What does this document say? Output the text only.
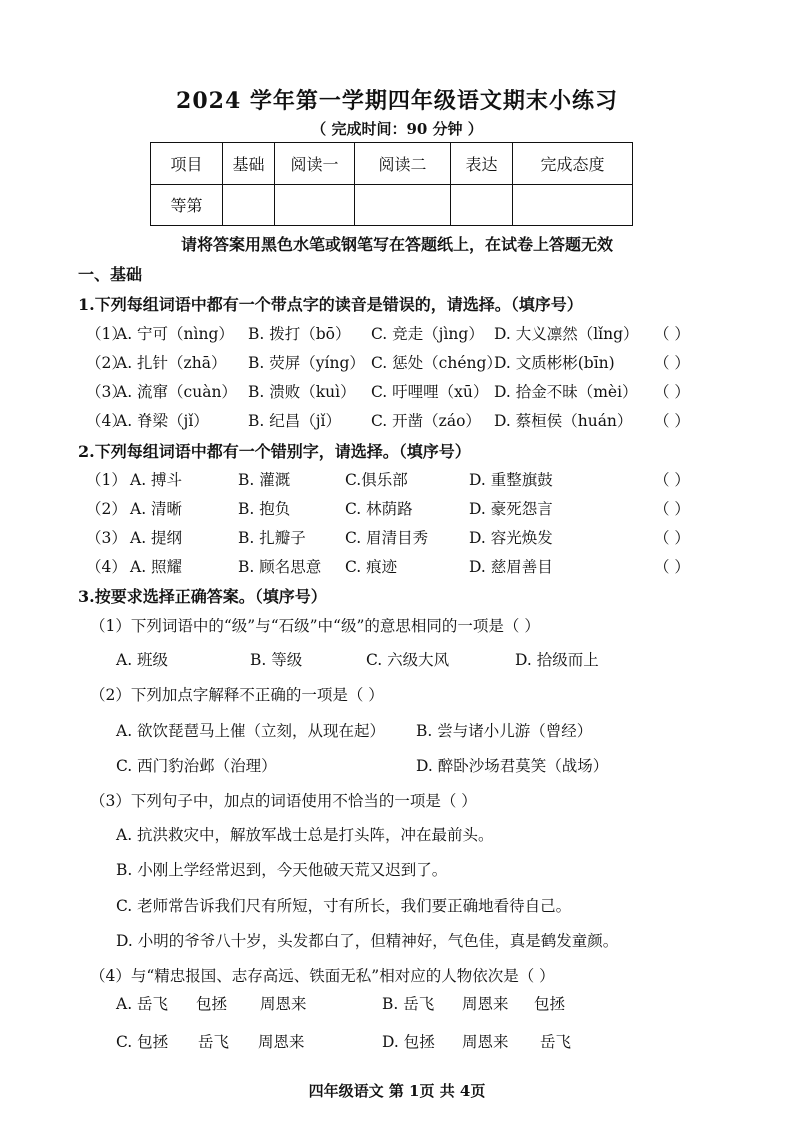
2024 学年第一学期四年级语文期末小练习
（ 完成时间：90 分钟 ）
项目	基础	阅读一	阅读二	表达	完成态度
等第					
请将答案用黑色水笔或钢笔写在答题纸上，在试卷上答题无效
一、基础
1.下列每组词语中都有一个带点字的读音是错误的，请选择。（填序号）
（1）
A. 宁可（nìng） B. 拨打（bō） C. 竞走（jìng） D. 大义凛然（lǐng） （ ）
（2）
A. 扎针（zhā） B. 荧屏（yíng） C. 惩处（chéng）
D. 文质彬彬(bīn)	（ ）
（3）
A. 流窜（cuàn） B. 溃败（kuì） C. 吁哩哩（xū） D. 拾金不昧（mèi） （ ）
（4）
A. 脊梁（jǐ）	B. 纪昌（jǐ） C. 开凿（záo） D. 蔡桓侯（huán） （ ）
2.下列每组词语中都有一个错别字，请选择。（填序号）
（1） A. 搏斗	B. 灌溉	C.俱乐部	D. 重整旗鼓	（ ）
（2） A. 清晰	B. 抱负	C. 林荫路	D. 豪死怨言	（ ）
（3） A. 提纲	B. 扎瓣子	C. 眉清目秀	D. 容光焕发	（ ）
（4） A. 照耀	B. 顾名思意 C. 痕迹	D. 慈眉善目	（ ）
3.按要求选择正确答案。（填序号）
（1）下列词语中的“级”与“石级”中“级”的意思相同的一项是（ ）
A. 班级	B. 等级	C. 六级大风	D. 拾级而上
（2）下列加点字解释不正确的一项是（ ）
A. 欲饮琵琶马上催（立刻，从现在起） B. 尝与诸小儿游（曾经）
C. 西门豹治邺（治理）	D. 醉卧沙场君莫笑（战场）
（3）下列句子中，加点的词语使用不恰当的一项是（ ）
A. 抗洪救灾中，解放军战士总是打头阵，冲在最前头。
B. 小刚上学经常迟到，今天他破天荒又迟到了。
C. 老师常告诉我们尺有所短，寸有所长，我们要正确地看待自己。
D. 小明的爷爷八十岁，头发都白了，但精神好，气色佳，真是鹤发童颜。
（4）与“精忠报国、志存高远、铁面无私”相对应的人物依次是（ ）
A. 岳飞 包拯 周恩来	B. 岳飞 周恩来 包拯
C. 包拯 岳飞 周恩来	D. 包拯 周恩来 岳飞
四年级语文 第 1页 共 4页
